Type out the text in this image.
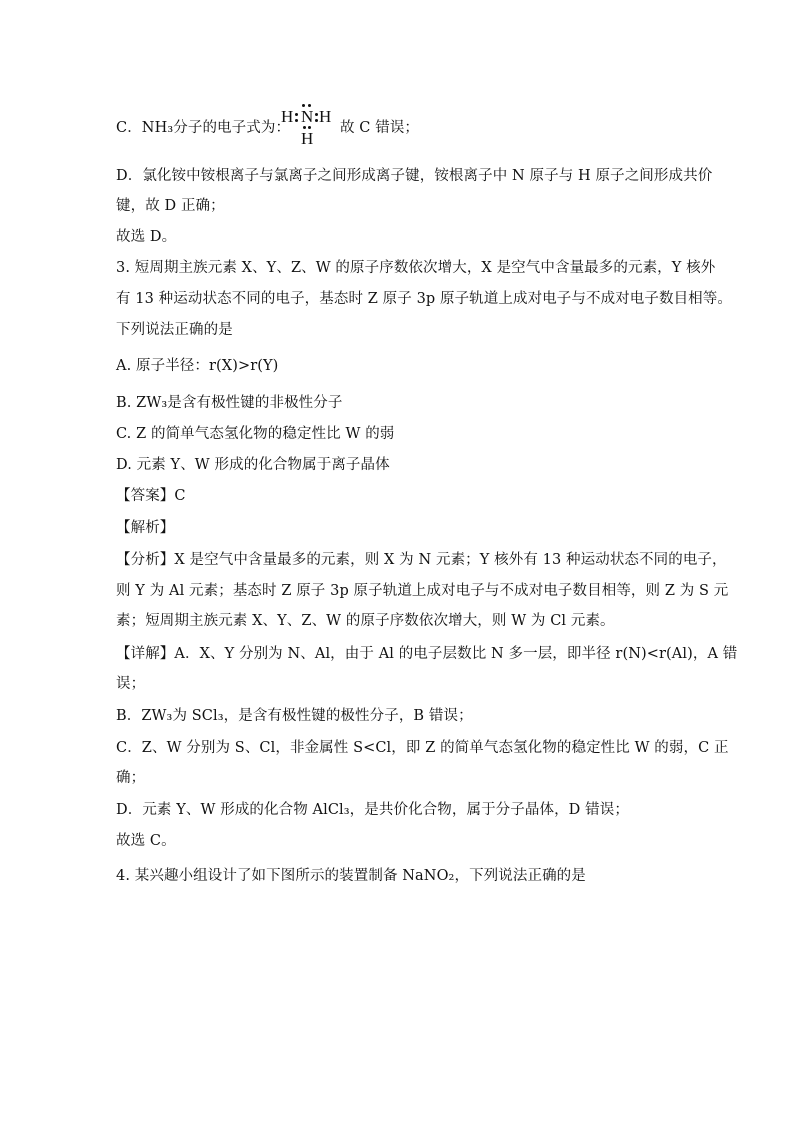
C．NH₃分子的电子式为：
H N H
H
故 C 错误；
D．氯化铵中铵根离子与氯离子之间形成离子键，铵根离子中 N 原子与 H 原子之间形成共价
键，故 D 正确；
故选 D。
3. 短周期主族元素 X、Y、Z、W 的原子序数依次增大，X 是空气中含量最多的元素，Y 核外
有 13 种运动状态不同的电子，基态时 Z 原子 3p 原子轨道上成对电子与不成对电子数目相等。
下列说法正确的是
A. 原子半径：r(X)>r(Y)
B. ZW₃是含有极性键的非极性分子
C. Z 的简单气态氢化物的稳定性比 W 的弱
D. 元素 Y、W 形成的化合物属于离子晶体
【答案】C
【解析】
【分析】X 是空气中含量最多的元素，则 X 为 N 元素；Y 核外有 13 种运动状态不同的电子，
则 Y 为 Al 元素；基态时 Z 原子 3p 原子轨道上成对电子与不成对电子数目相等，则 Z 为 S 元
素；短周期主族元素 X、Y、Z、W 的原子序数依次增大，则 W 为 Cl 元素。
【详解】A．X、Y 分别为 N、Al，由于 Al 的电子层数比 N 多一层，即半径 r(N)<r(Al)，A 错
误；
B．ZW₃为 SCl₃，是含有极性键的极性分子，B 错误；
C．Z、W 分别为 S、Cl，非金属性 S<Cl，即 Z 的简单气态氢化物的稳定性比 W 的弱，C 正
确；
D．元素 Y、W 形成的化合物 AlCl₃，是共价化合物，属于分子晶体，D 错误；
故选 C。
4. 某兴趣小组设计了如下图所示的装置制备 NaNO₂，下列说法正确的是
